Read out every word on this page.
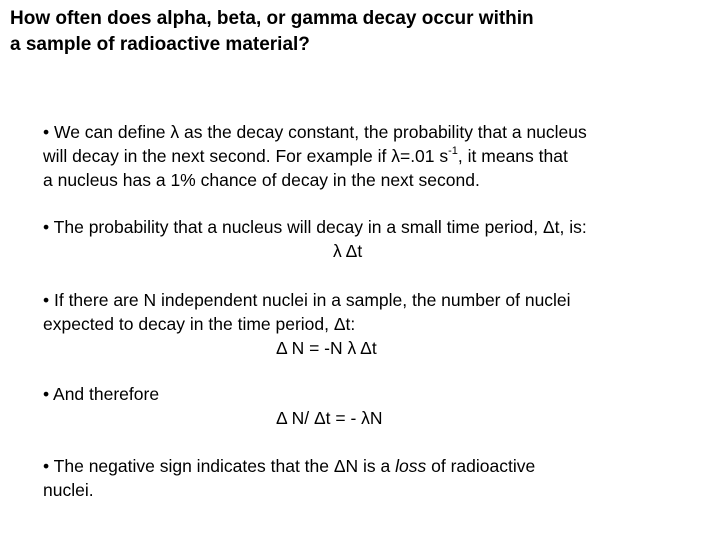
How often does alpha, beta, or gamma decay occur within
a sample of radioactive material?
• We can define λ as the decay constant, the probability that a nucleus
will decay in the next second. For example if λ=.01 $s^{-1}$, it means that
a nucleus has a 1% chance of decay in the next second.
• The probability that a nucleus will decay in a small time period, Δt, is:
λ Δt
• If there are N independent nuclei in a sample, the number of nuclei
expected to decay in the time period, Δt:
Δ N = -N λ Δt
• And therefore
Δ N/ Δt = - λN
• The negative sign indicates that the ΔN is a loss of radioactive
nuclei.
